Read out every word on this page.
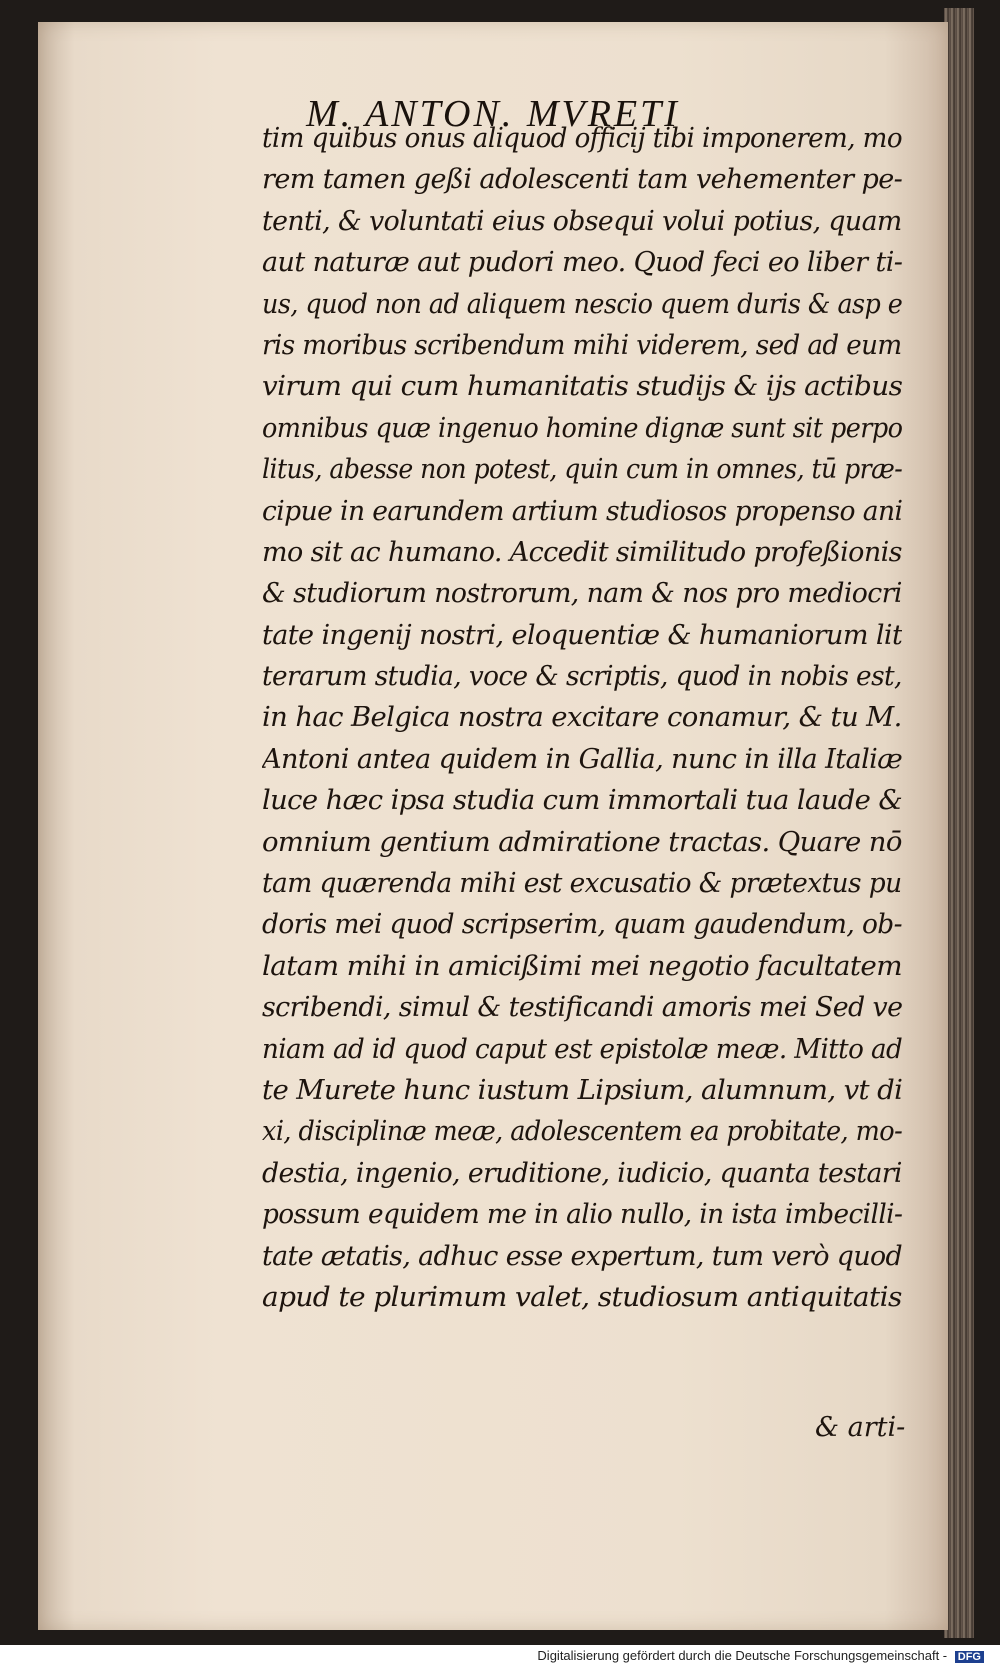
M. ANTON. MVRETI
tim quibus onus aliquod officij tibi imponerem, mo
rem tamen geßi adolescenti tam vehementer pe-
tenti, & voluntati eius obsequi volui potius, quam
aut naturæ aut pudori meo. Quod feci eo liber ti-
us, quod non ad aliquem nescio quem duris & asp e
ris moribus scribendum mihi viderem, sed ad eum
virum qui cum humanitatis studijs & ijs actibus
omnibus quæ ingenuo homine dignæ sunt sit perpo
litus, abesse non potest, quin cum in omnes, tū præ-
cipue in earundem artium studiosos propenso ani
mo sit ac humano. Accedit similitudo profeßionis
& studiorum nostrorum, nam & nos pro mediocri
tate ingenij nostri, eloquentiæ & humaniorum lit
terarum studia, voce & scriptis, quod in nobis est,
in hac Belgica nostra excitare conamur, & tu M.
Antoni antea quidem in Gallia, nunc in illa Italiæ
luce hæc ipsa studia cum immortali tua laude &
omnium gentium admiratione tractas. Quare nō
tam quærenda mihi est excusatio & prætextus pu
doris mei quod scripserim, quam gaudendum, ob-
latam mihi in amicißimi mei negotio facultatem
scribendi, simul & testificandi amoris mei Sed ve
niam ad id quod caput est epistolæ meæ. Mitto ad
te Murete hunc iustum Lipsium, alumnum, vt di
xi, disciplinæ meæ, adolescentem ea probitate, mo-
destia, ingenio, eruditione, iudicio, quanta testari
possum equidem me in alio nullo, in ista imbecilli-
tate ætatis, adhuc esse expertum, tum verò quod
apud te plurimum valet, studiosum antiquitatis
& arti-
Digitalisierung gefördert durch die Deutsche Forschungsgemeinschaft - DFG
